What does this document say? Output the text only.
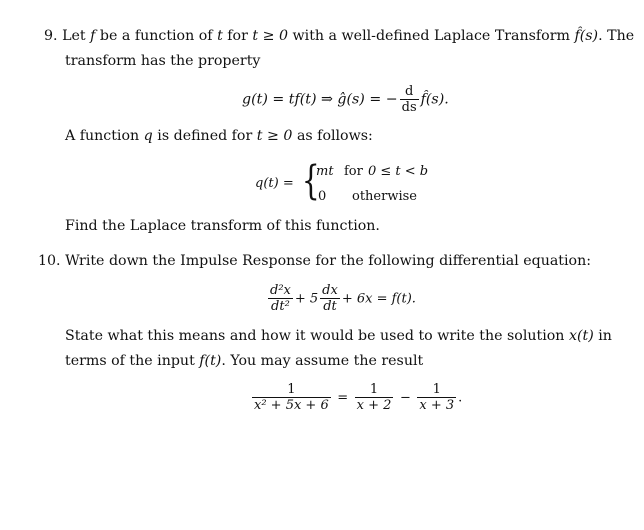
9. Let f be a function of t for t ≥ 0 with a well-defined Laplace Transform f̂(s). The
transform has the property
g(t) = tf(t) ⇒ ĝ(s) = − $\frac{d}{ds}$ f̂(s).
A function q is defined for t ≥ 0 as follows:
q(t) = {
mt for 0 ≤ t < b
0 otherwise
Find the Laplace transform of this function.
10. Write down the Impulse Response for the following differential equation:
$\frac{\text{d²x}}{\text{dt²}} + 5 \frac{dx}{dt} + 6x = f(t)$.
State what this means and how it would be used to write the solution x(t) in
terms of the input f(t). You may assume the result
$\frac{1}{\text{x² + 5x + 6}} = \frac{1}{x + 2} - \frac{1}{x + 3}$ .
